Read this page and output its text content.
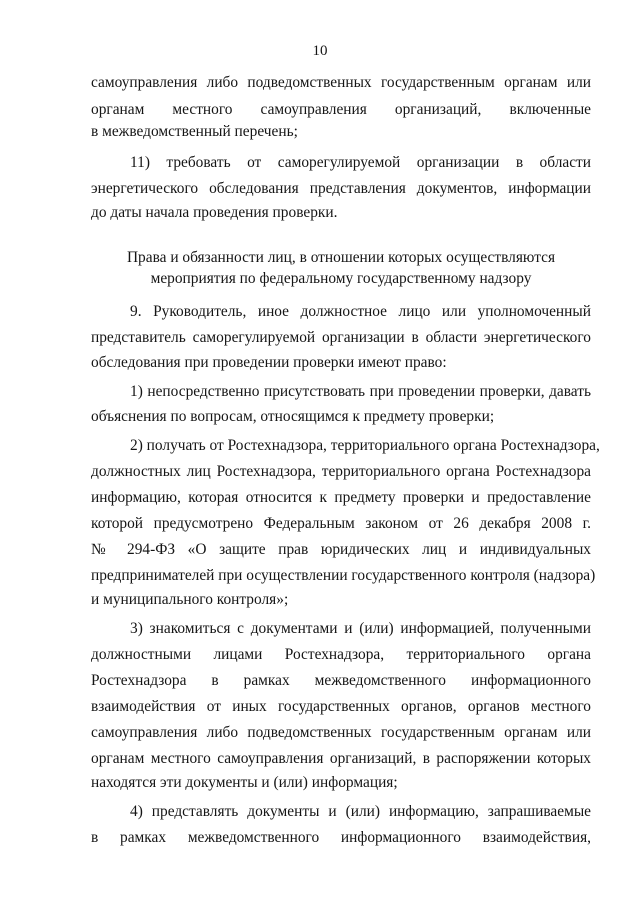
10
самоуправления либо подведомственных государственным органам или
органам местного самоуправления организаций, включенные
в межведомственный перечень;
11) требовать от саморегулируемой организации в области
энергетического обследования представления документов, информации
до даты начала проведения проверки.
Права и обязанности лиц, в отношении которых осуществляются
мероприятия по федеральному государственному надзору
9. Руководитель, иное должностное лицо или уполномоченный
представитель саморегулируемой организации в области энергетического
обследования при проведении проверки имеют право:
1) непосредственно присутствовать при проведении проверки, давать
объяснения по вопросам, относящимся к предмету проверки;
2) получать от Ростехнадзора, территориального органа Ростехнадзора,
должностных лиц Ростехнадзора, территориального органа Ростехнадзора
информацию, которая относится к предмету проверки и предоставление
которой предусмотрено Федеральным законом от 26 декабря 2008 г.
№ 294-ФЗ «О защите прав юридических лиц и индивидуальных
предпринимателей при осуществлении государственного контроля (надзора)
и муниципального контроля»;
3) знакомиться с документами и (или) информацией, полученными
должностными лицами Ростехнадзора, территориального органа
Ростехнадзора в рамках межведомственного информационного
взаимодействия от иных государственных органов, органов местного
самоуправления либо подведомственных государственным органам или
органам местного самоуправления организаций, в распоряжении которых
находятся эти документы и (или) информация;
4) представлять документы и (или) информацию, запрашиваемые
в рамках межведомственного информационного взаимодействия,
